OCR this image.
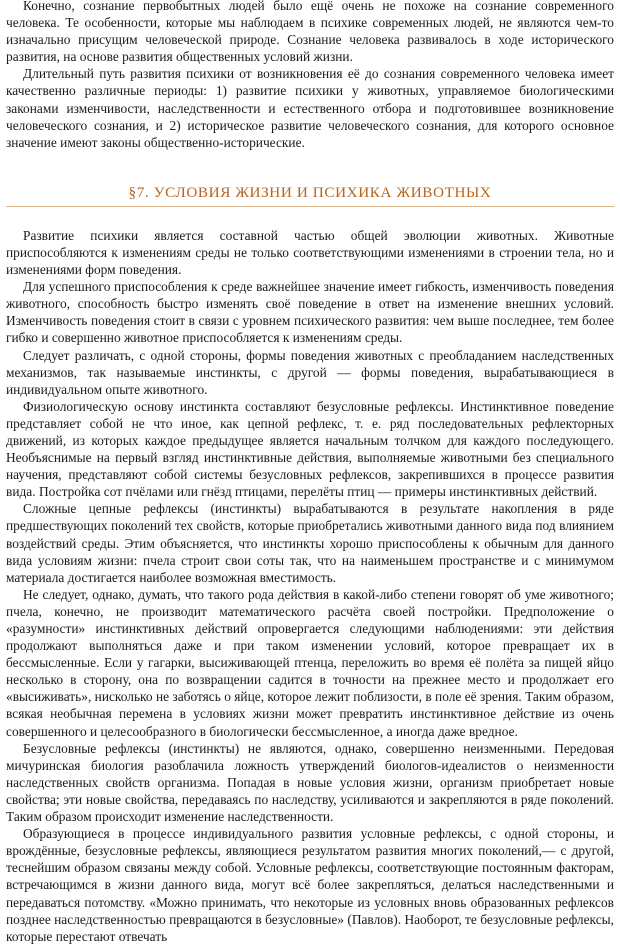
Конечно, сознание первобытных людей было ещё очень не похоже на сознание современного человека. Те особенности, которые мы наблюдаем в психике современных людей, не являются чем-то изначально присущим человеческой природе. Сознание человека развивалось в ходе исторического развития, на основе развития общественных условий жизни.

Длительный путь развития психики от возникновения её до сознания современного человека имеет качественно различные периоды: 1) развитие психики у животных, управляемое биологическими законами изменчивости, наследственности и естественного отбора и подготовившее возникновение человеческого сознания, и 2) историческое развитие человеческого сознания, для которого основное значение имеют законы общественно-исторические.

§7. УСЛОВИЯ ЖИЗНИ И ПСИХИКА ЖИВОТНЫХ

Развитие психики является составной частью общей эволюции животных. Животные приспособляются к изменениям среды не только соответствующими изменениями в строении тела, но и изменениями форм поведения.

Для успешного приспособления к среде важнейшее значение имеет гибкость, изменчивость поведения животного, способность быстро изменять своё поведение в ответ на изменение внешних условий. Изменчивость поведения стоит в связи с уровнем психического развития: чем выше последнее, тем более гибко и совершенно животное приспособляется к изменениям среды.

Следует различать, с одной стороны, формы поведения животных с преобладанием наследственных механизмов, так называемые инстинкты, с другой — формы поведения, вырабатывающиеся в индивидуальном опыте животного.

Физиологическую основу инстинкта составляют безусловные рефлексы. Инстинктивное поведение представляет собой не что иное, как цепной рефлекс, т. е. ряд последовательных рефлекторных движений, из которых каждое предыдущее является начальным толчком для каждого последующего. Необъяснимые на первый взгляд инстинктивные действия, выполняемые животными без специального научения, представляют собой системы безусловных рефлексов, закрепившихся в процессе развития вида. Постройка сот пчёлами или гнёзд птицами, перелёты птиц — примеры инстинктивных действий.

Сложные цепные рефлексы (инстинкты) вырабатываются в результате накопления в ряде предшествующих поколений тех свойств, которые приобретались животными данного вида под влиянием воздействий среды. Этим объясняется, что инстинкты хорошо приспособлены к обычным для данного вида условиям жизни: пчела строит свои соты так, что на наименьшем пространстве и с минимумом материала достигается наиболее возможная вместимость.

Не следует, однако, думать, что такого рода действия в какой-либо степени говорят об уме животного; пчела, конечно, не производит математического расчёта своей постройки. Предположение о «разумности» инстинктивных действий опровергается следующими наблюдениями: эти действия продолжают выполняться даже и при таком изменении условий, которое превращает их в бессмысленные. Если у гагарки, высиживающей птенца, переложить во время её полёта за пищей яйцо несколько в сторону, она по возвращении садится в точности на прежнее место и продолжает его «высиживать», нисколько не заботясь о яйце, которое лежит поблизости, в поле её зрения. Таким образом, всякая необычная перемена в условиях жизни может превратить инстинктивное действие из очень совершенного и целесообразного в биологически бессмысленное, а иногда даже вредное.

Безусловные рефлексы (инстинкты) не являются, однако, совершенно неизменными. Передовая мичуринская биология разоблачила ложность утверждений биологов-идеалистов о неизменности наследственных свойств организма. Попадая в новые условия жизни, организм приобретает новые свойства; эти новые свойства, передаваясь по наследству, усиливаются и закрепляются в ряде поколений. Таким образом происходит изменение наследственности.

Образующиеся в процессе индивидуального развития условные рефлексы, с одной стороны, и врождённые, безусловные рефлексы, являющиеся результатом развития многих поколений,— с другой, теснейшим образом связаны между собой. Условные рефлексы, соответствующие постоянным факторам, встречающимся в жизни данного вида, могут всё более закрепляться, делаться наследственными и передаваться потомству. «Можно принимать, что некоторые из условных вновь образованных рефлексов позднее наследственностью превращаются в безусловные» (Павлов). Наоборот, те безусловные рефлексы, которые перестают отвечать
